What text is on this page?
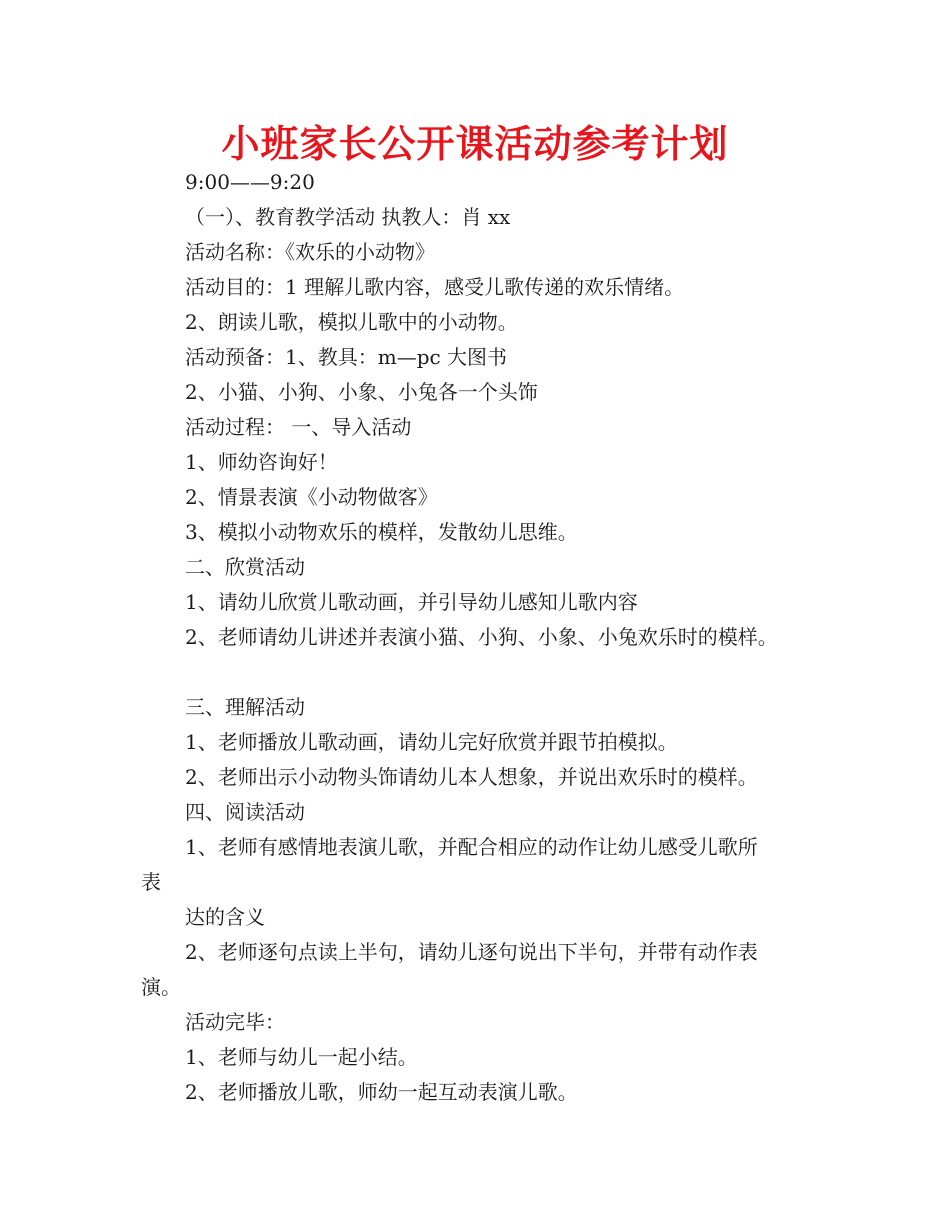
小班家长公开课活动参考计划

9:00——9:20

（一）、教育教学活动 执教人：肖 xx

活动名称：《欢乐的小动物》

活动目的：1 理解儿歌内容，感受儿歌传递的欢乐情绪。

2、朗读儿歌，模拟儿歌中的小动物。

活动预备：1、教具：m—pc 大图书

2、小猫、小狗、小象、小兔各一个头饰

活动过程： 一、导入活动

1、师幼咨询好！

2、情景表演《小动物做客》

3、模拟小动物欢乐的模样，发散幼儿思维。

二、欣赏活动

1、请幼儿欣赏儿歌动画，并引导幼儿感知儿歌内容

2、老师请幼儿讲述并表演小猫、小狗、小象、小兔欢乐时的模样。

三、理解活动

1、老师播放儿歌动画，请幼儿完好欣赏并跟节拍模拟。

2、老师出示小动物头饰请幼儿本人想象，并说出欢乐时的模样。

四、阅读活动

1、老师有感情地表演儿歌，并配合相应的动作让幼儿感受儿歌所

表

达的含义

2、老师逐句点读上半句，请幼儿逐句说出下半句，并带有动作表

演。

活动完毕：

1、老师与幼儿一起小结。

2、老师播放儿歌，师幼一起互动表演儿歌。
